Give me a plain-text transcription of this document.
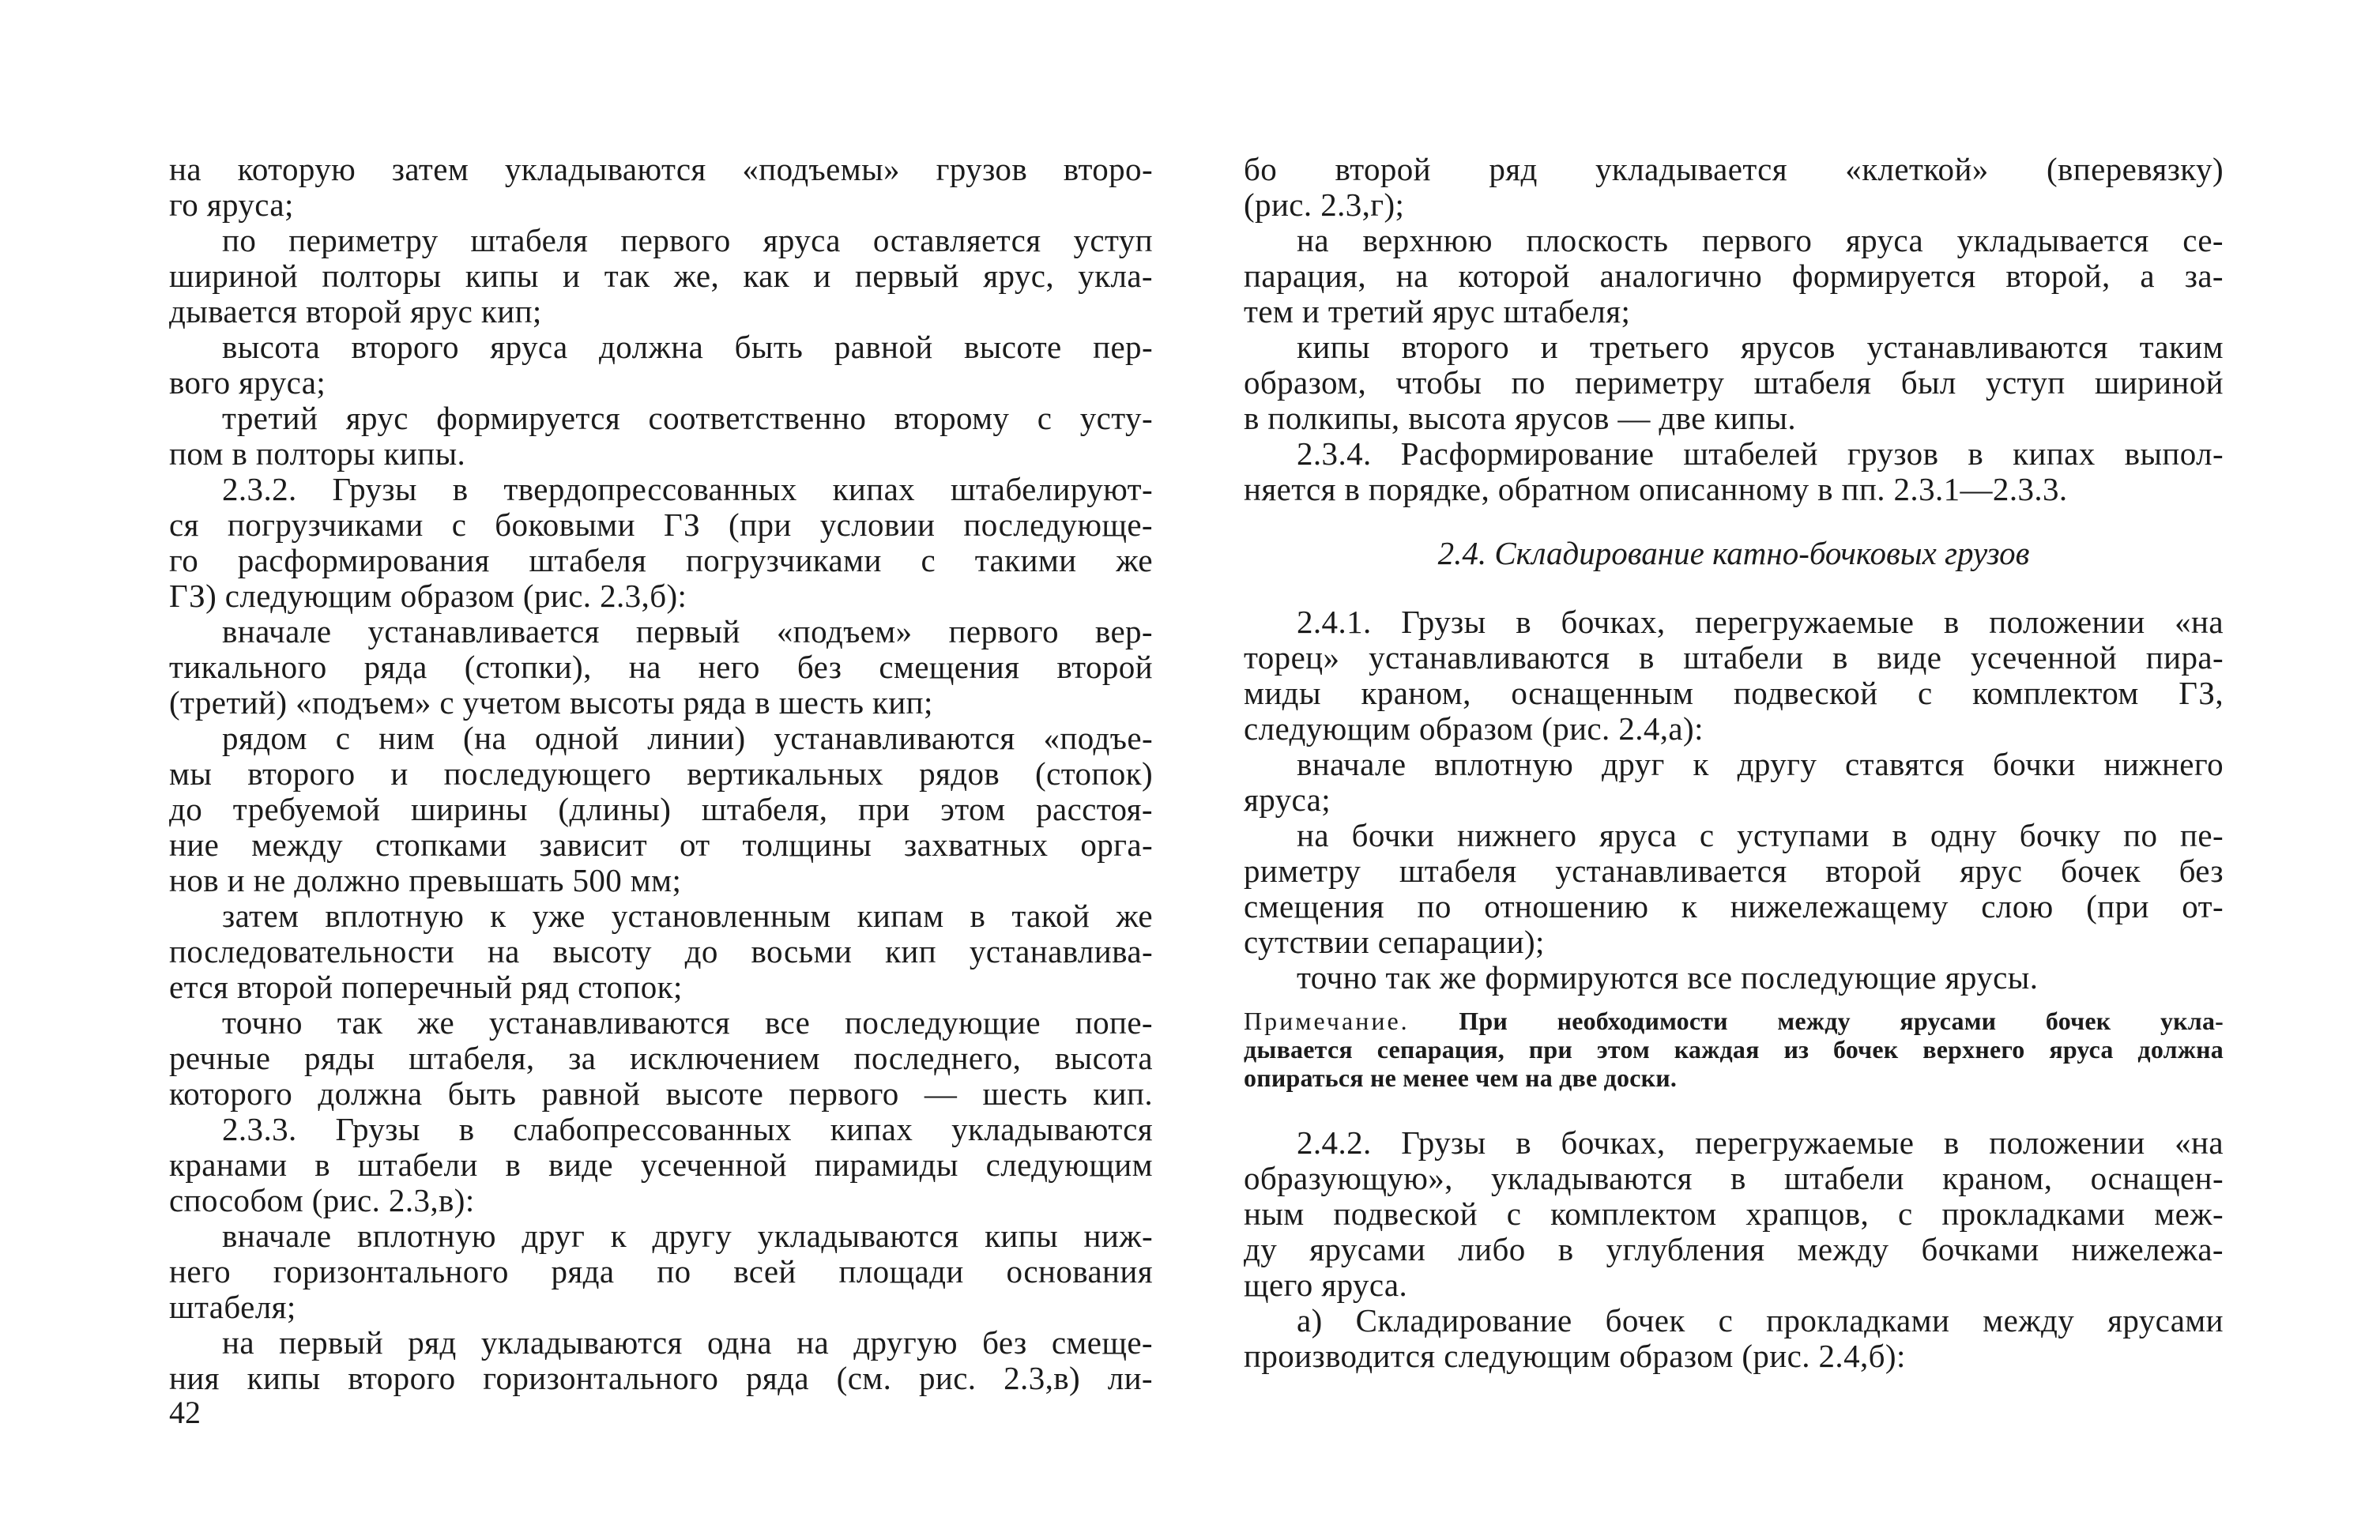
на которую затем укладываются «подъемы» грузов второ-
го яруса;
по периметру штабеля первого яруса оставляется уступ
шириной полторы кипы и так же, как и первый ярус, укла-
дывается второй ярус кип;
высота второго яруса должна быть равной высоте пер-
вого яруса;
третий ярус формируется соответственно второму с усту-
пом в полторы кипы.
2.3.2. Грузы в твердопрессованных кипах штабелируют-
ся погрузчиками с боковыми ГЗ (при условии последующе-
го расформирования штабеля погрузчиками с такими же
ГЗ) следующим образом (рис. 2.3,б):
вначале устанавливается первый «подъем» первого вер-
тикального ряда (стопки), на него без смещения второй
(третий) «подъем» с учетом высоты ряда в шесть кип;
рядом с ним (на одной линии) устанавливаются «подъе-
мы второго и последующего вертикальных рядов (стопок)
до требуемой ширины (длины) штабеля, при этом расстоя-
ние между стопками зависит от толщины захватных орга-
нов и не должно превышать 500 мм;
затем вплотную к уже установленным кипам в такой же
последовательности на высоту до восьми кип устанавлива-
ется второй поперечный ряд стопок;
точно так же устанавливаются все последующие попе-
речные ряды штабеля, за исключением последнего, высота
которого должна быть равной высоте первого — шесть кип.
2.3.3. Грузы в слабопрессованных кипах укладываются
кранами в штабели в виде усеченной пирамиды следующим
способом (рис. 2.3,в):
вначале вплотную друг к другу укладываются кипы ниж-
него горизонтального ряда по всей площади основания
штабеля;
на первый ряд укладываются одна на другую без смеще-
ния кипы второго горизонтального ряда (см. рис. 2.3,в) ли-
бо второй ряд укладывается «клеткой» (вперевязку)
(рис. 2.3,г);
на верхнюю плоскость первого яруса укладывается се-
парация, на которой аналогично формируется второй, а за-
тем и третий ярус штабеля;
кипы второго и третьего ярусов устанавливаются таким
образом, чтобы по периметру штабеля был уступ шириной
в полкипы, высота ярусов — две кипы.
2.3.4. Расформирование штабелей грузов в кипах выпол-
няется в порядке, обратном описанному в пп. 2.3.1—2.3.3.
2.4. Складирование катно-бочковых грузов
2.4.1. Грузы в бочках, перегружаемые в положении «на
торец» устанавливаются в штабели в виде усеченной пира-
миды краном, оснащенным подвеской с комплектом ГЗ,
следующим образом (рис. 2.4,а):
вначале вплотную друг к другу ставятся бочки нижнего
яруса;
на бочки нижнего яруса с уступами в одну бочку по пе-
риметру штабеля устанавливается второй ярус бочек без
смещения по отношению к нижележащему слою (при от-
сутствии сепарации);
точно так же формируются все последующие ярусы.
Примечание. При необходимости между ярусами бочек укла-
дывается сепарация, при этом каждая из бочек верхнего яруса должна
опираться не менее чем на две доски.
2.4.2. Грузы в бочках, перегружаемые в положении «на
образующую», укладываются в штабели краном, оснащен-
ным подвеской с комплектом храпцов, с прокладками меж-
ду ярусами либо в углубления между бочками нижележа-
щего яруса.
а) Складирование бочек с прокладками между ярусами
производится следующим образом (рис. 2.4,б):
42
